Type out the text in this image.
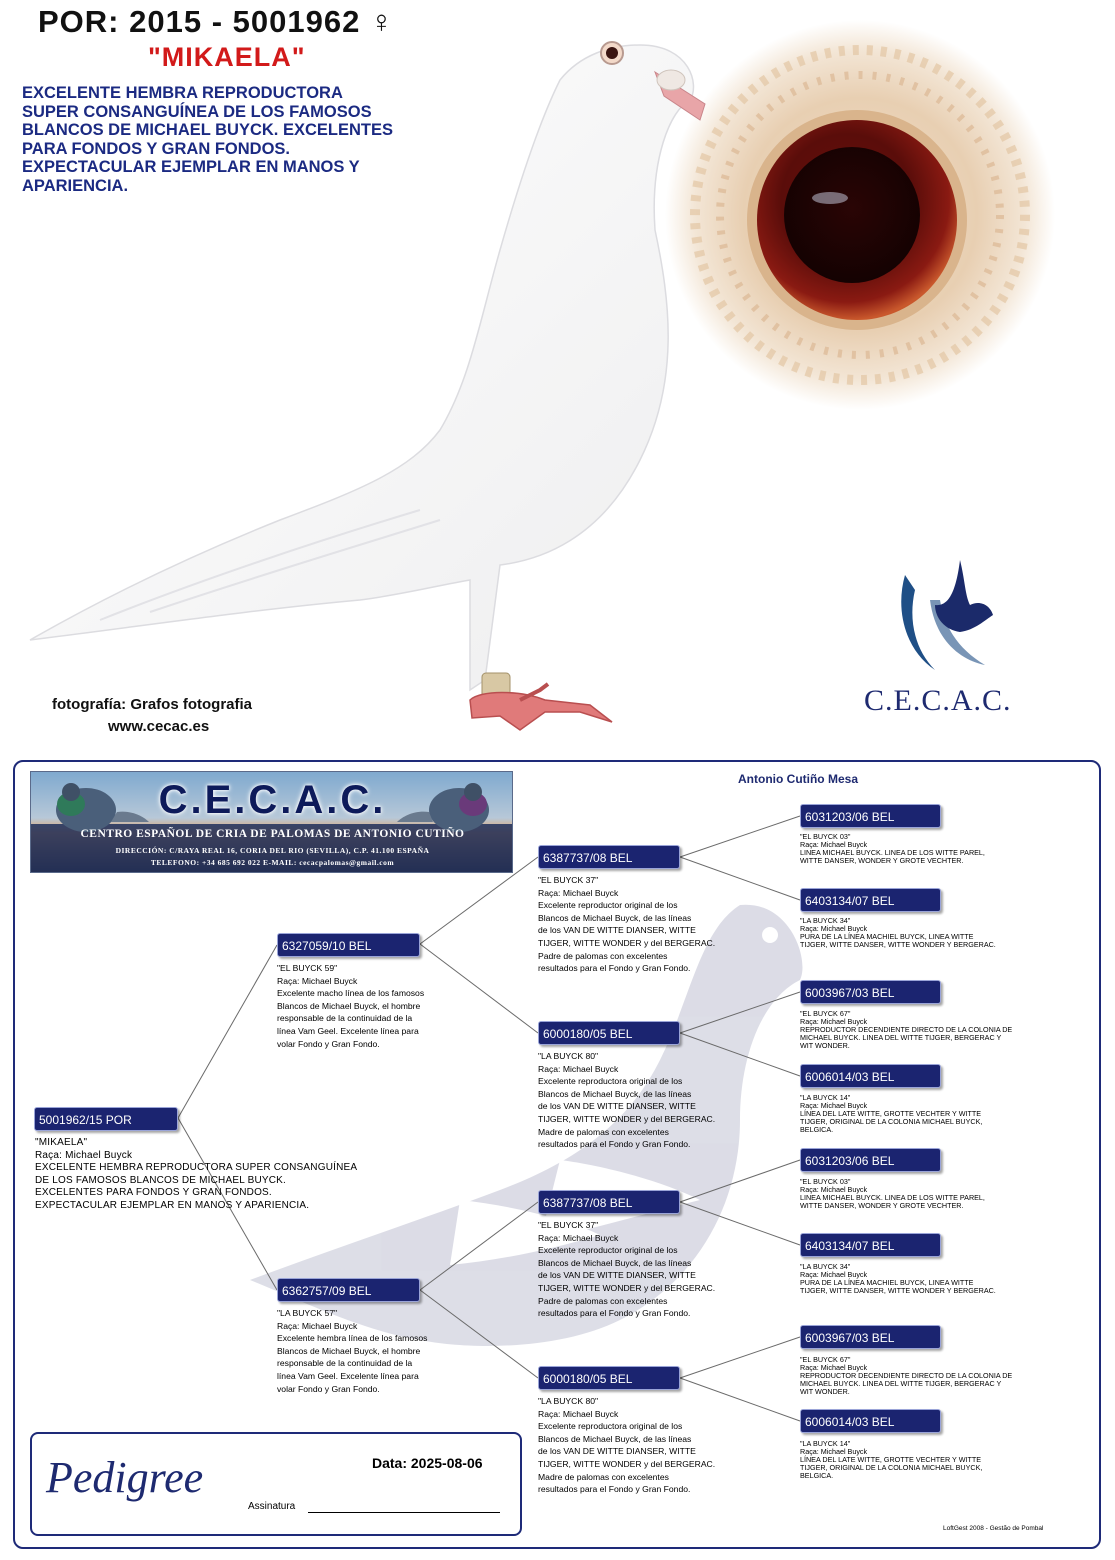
POR: 2015 - 5001962 ♀
"MIKAELA"
EXCELENTE HEMBRA REPRODUCTORA
SUPER CONSANGUÍNEA DE LOS FAMOSOS
BLANCOS DE MICHAEL BUYCK. EXCELENTES
PARA FONDOS Y GRAN FONDOS.
EXPECTACULAR EJEMPLAR EN MANOS Y
APARIENCIA.
fotografía: Grafos fotografia
www.cecac.es
C.E.C.A.C.
C.E.C.A.C.
CENTRO ESPAÑOL DE CRIA DE PALOMAS DE ANTONIO CUTIÑO
DIRECCIÓN: C/RAYA REAL 16, CORIA DEL RIO (SEVILLA), C.P. 41.100 ESPAÑA
TELEFONO: +34 685 692 022 E-MAIL: cecacpalomas@gmail.com
Antonio Cutiño Mesa
5001962/15 POR
"MIKAELA"
Raça: Michael Buyck
EXCELENTE HEMBRA REPRODUCTORA SUPER CONSANGUÍNEA
DE LOS FAMOSOS BLANCOS DE MICHAEL BUYCK.
EXCELENTES PARA FONDOS Y GRAN FONDOS.
EXPECTACULAR EJEMPLAR EN MANOS Y APARIENCIA.
6327059/10 BEL
"EL BUYCK 59"
Raça: Michael Buyck
Excelente macho línea de los famosos
Blancos de Michael Buyck, el hombre
responsable de la continuidad de la
línea Vam Geel. Excelente línea para
volar Fondo y Gran Fondo.
6362757/09 BEL
"LA BUYCK 57"
Raça: Michael Buyck
Excelente hembra línea de los famosos
Blancos de Michael Buyck, el hombre
responsable de la continuidad de la
línea Vam Geel. Excelente línea para
volar Fondo y Gran Fondo.
6387737/08 BEL
"EL BUYCK 37"
Raça: Michael Buyck
Excelente reproductor original de los
Blancos de Michael Buyck, de las líneas
de los VAN DE WITTE DIANSER, WITTE
TIJGER, WITTE WONDER y del BERGERAC.
Padre de palomas con excelentes
resultados para el Fondo y Gran Fondo.
6000180/05 BEL
"LA BUYCK 80"
Raça: Michael Buyck
Excelente reproductora original de los
Blancos de Michael Buyck, de las líneas
de los VAN DE WITTE DIANSER, WITTE
TIJGER, WITTE WONDER y del BERGERAC.
Madre de palomas con excelentes
resultados para el Fondo y Gran Fondo.
6387737/08 BEL
"EL BUYCK 37"
Raça: Michael Buyck
Excelente reproductor original de los
Blancos de Michael Buyck, de las líneas
de los VAN DE WITTE DIANSER, WITTE
TIJGER, WITTE WONDER y del BERGERAC.
Padre de palomas con excelentes
resultados para el Fondo y Gran Fondo.
6000180/05 BEL
"LA BUYCK 80"
Raça: Michael Buyck
Excelente reproductora original de los
Blancos de Michael Buyck, de las líneas
de los VAN DE WITTE DIANSER, WITTE
TIJGER, WITTE WONDER y del BERGERAC.
Madre de palomas con excelentes
resultados para el Fondo y Gran Fondo.
6031203/06 BEL
"EL BUYCK 03"
Raça: Michael Buyck
LINEA MICHAEL BUYCK. LINEA DE LOS WITTE PAREL,
WITTE DANSER, WONDER Y GROTE VECHTER.
6403134/07 BEL
"LA BUYCK 34"
Raça: Michael Buyck
PURA DE LA LÍNEA MACHIEL BUYCK, LINEA WITTE
TIJGER, WITTE DANSER, WITTE WONDER Y BERGERAC.
6003967/03 BEL
"EL BUYCK 67"
Raça: Michael Buyck
REPRODUCTOR DECENDIENTE DIRECTO DE LA COLONIA DE
MICHAEL BUYCK. LINEA DEL WITTE TIJGER, BERGERAC Y
WIT WONDER.
6006014/03 BEL
"LA BUYCK 14"
Raça: Michael Buyck
LÍNEA DEL LATE WITTE, GROTTE VECHTER Y WITTE
TIJGER, ORIGINAL DE LA COLONIA MICHAEL BUYCK,
BELGICA.
6031203/06 BEL
"EL BUYCK 03"
Raça: Michael Buyck
LINEA MICHAEL BUYCK. LINEA DE LOS WITTE PAREL,
WITTE DANSER, WONDER Y GROTE VECHTER.
6403134/07 BEL
"LA BUYCK 34"
Raça: Michael Buyck
PURA DE LA LÍNEA MACHIEL BUYCK, LINEA WITTE
TIJGER, WITTE DANSER, WITTE WONDER Y BERGERAC.
6003967/03 BEL
"EL BUYCK 67"
Raça: Michael Buyck
REPRODUCTOR DECENDIENTE DIRECTO DE LA COLONIA DE
MICHAEL BUYCK. LINEA DEL WITTE TIJGER, BERGERAC Y
WIT WONDER.
6006014/03 BEL
"LA BUYCK 14"
Raça: Michael Buyck
LÍNEA DEL LATE WITTE, GROTTE VECHTER Y WITTE
TIJGER, ORIGINAL DE LA COLONIA MICHAEL BUYCK,
BELGICA.
Pedigree	Data: 2025-08-06
Assinatura
LoftGest 2008 - Gestão de Pombal
